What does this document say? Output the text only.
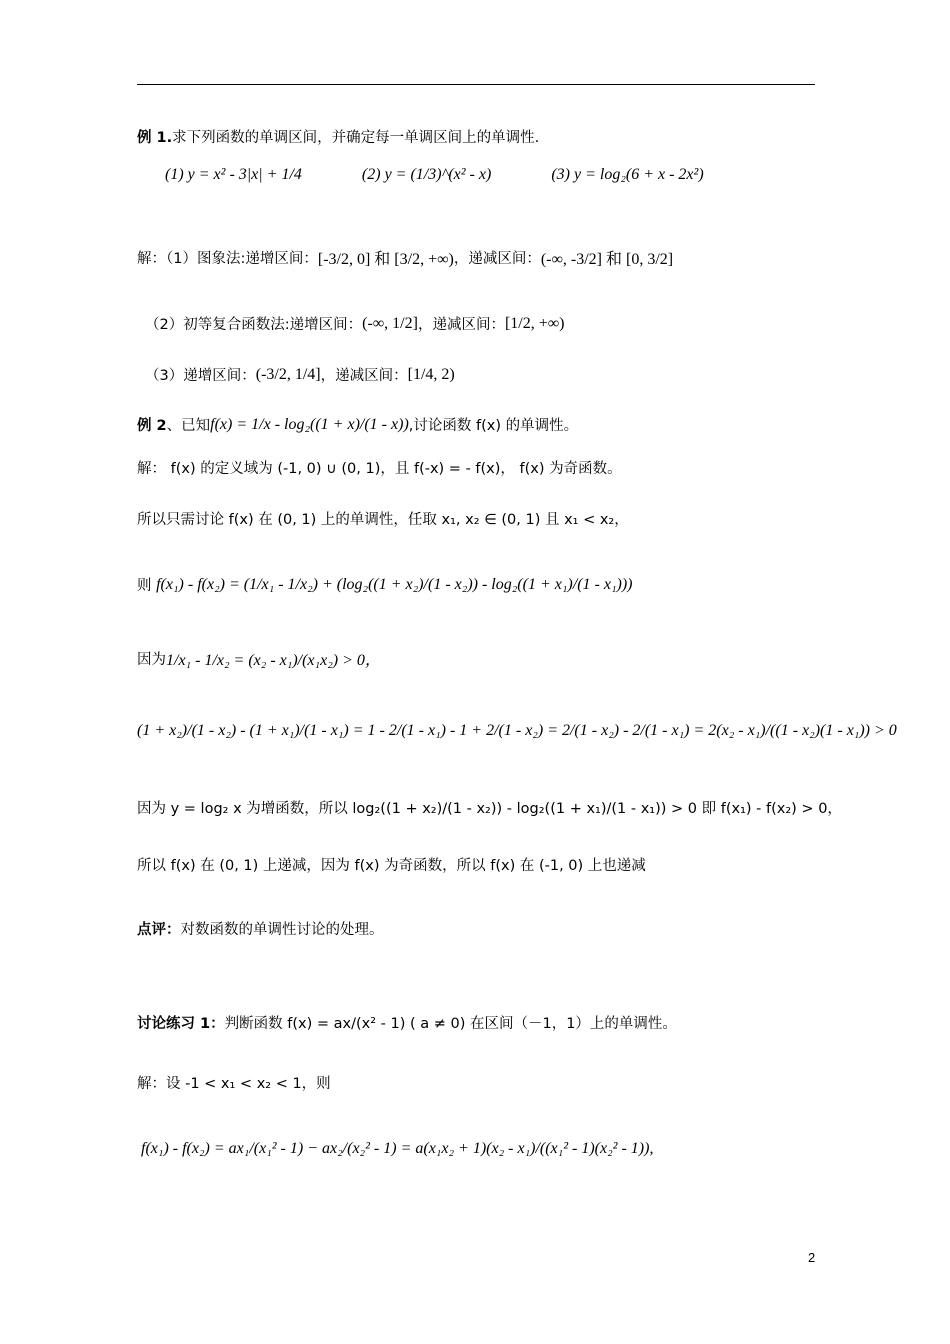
例 1. 求下列函数的单调区间，并确定每一单调区间上的单调性.
(1) y = x² - 3|x| + 1/4	(2) y = (1/3)^(x² - x)	(3) y = log₂(6 + x - 2x²)
解：（1）图象法:递增区间： [-3/2, 0] 和 [3/2, +∞) ，递减区间： (-∞, -3/2] 和 [0, 3/2]
（2）初等复合函数法:递增区间： (-∞, 1/2] ，递减区间： [1/2, +∞)
（3）递增区间： (-3/2, 1/4] ，递减区间： [1/4, 2)
例 2 、已知 f(x) = 1/x - log₂((1 + x)/(1 - x)) ,讨论函数 f(x) 的单调性。
解： f(x) 的定义域为 (-1, 0) ∪ (0, 1)，且 f(-x) = - f(x)， f(x) 为奇函数。
所以只需讨论 f(x) 在 (0, 1) 上的单调性，任取 x₁, x₂ ∈ (0, 1) 且 x₁ < x₂，
则
f(x₁) - f(x₂) = (1/x₁ - 1/x₂) + (log₂((1 + x₂)/(1 - x₂)) - log₂((1 + x₁)/(1 - x₁)))
因为 1/x₁ - 1/x₂ = (x₂ - x₁)/(x₁x₂) > 0，
(1 + x₂)/(1 - x₂) - (1 + x₁)/(1 - x₁) = 1 - 2/(1 - x₁) - 1 + 2/(1 - x₂) = 2/(1 - x₂) - 2/(1 - x₁) = 2(x₂ - x₁)/((1 - x₂)(1 - x₁)) > 0
因为 y = log₂ x 为增函数，所以 log₂((1 + x₂)/(1 - x₂)) - log₂((1 + x₁)/(1 - x₁)) > 0 即 f(x₁) - f(x₂) > 0，
所以 f(x) 在 (0, 1) 上递减，因为 f(x) 为奇函数，所以 f(x) 在 (-1, 0) 上也递减
点评： 对数函数的单调性讨论的处理。
讨论练习 1： 判断函数 f(x) = ax/(x² - 1) ( a ≠ 0) 在区间（－1，1）上的单调性。
解：设 -1 < x₁ < x₂ < 1，则
f(x₁) - f(x₂) = ax₁/(x₁² - 1) − ax₂/(x₂² - 1) = a(x₁x₂ + 1)(x₂ - x₁)/((x₁² - 1)(x₂² - 1)),
2
